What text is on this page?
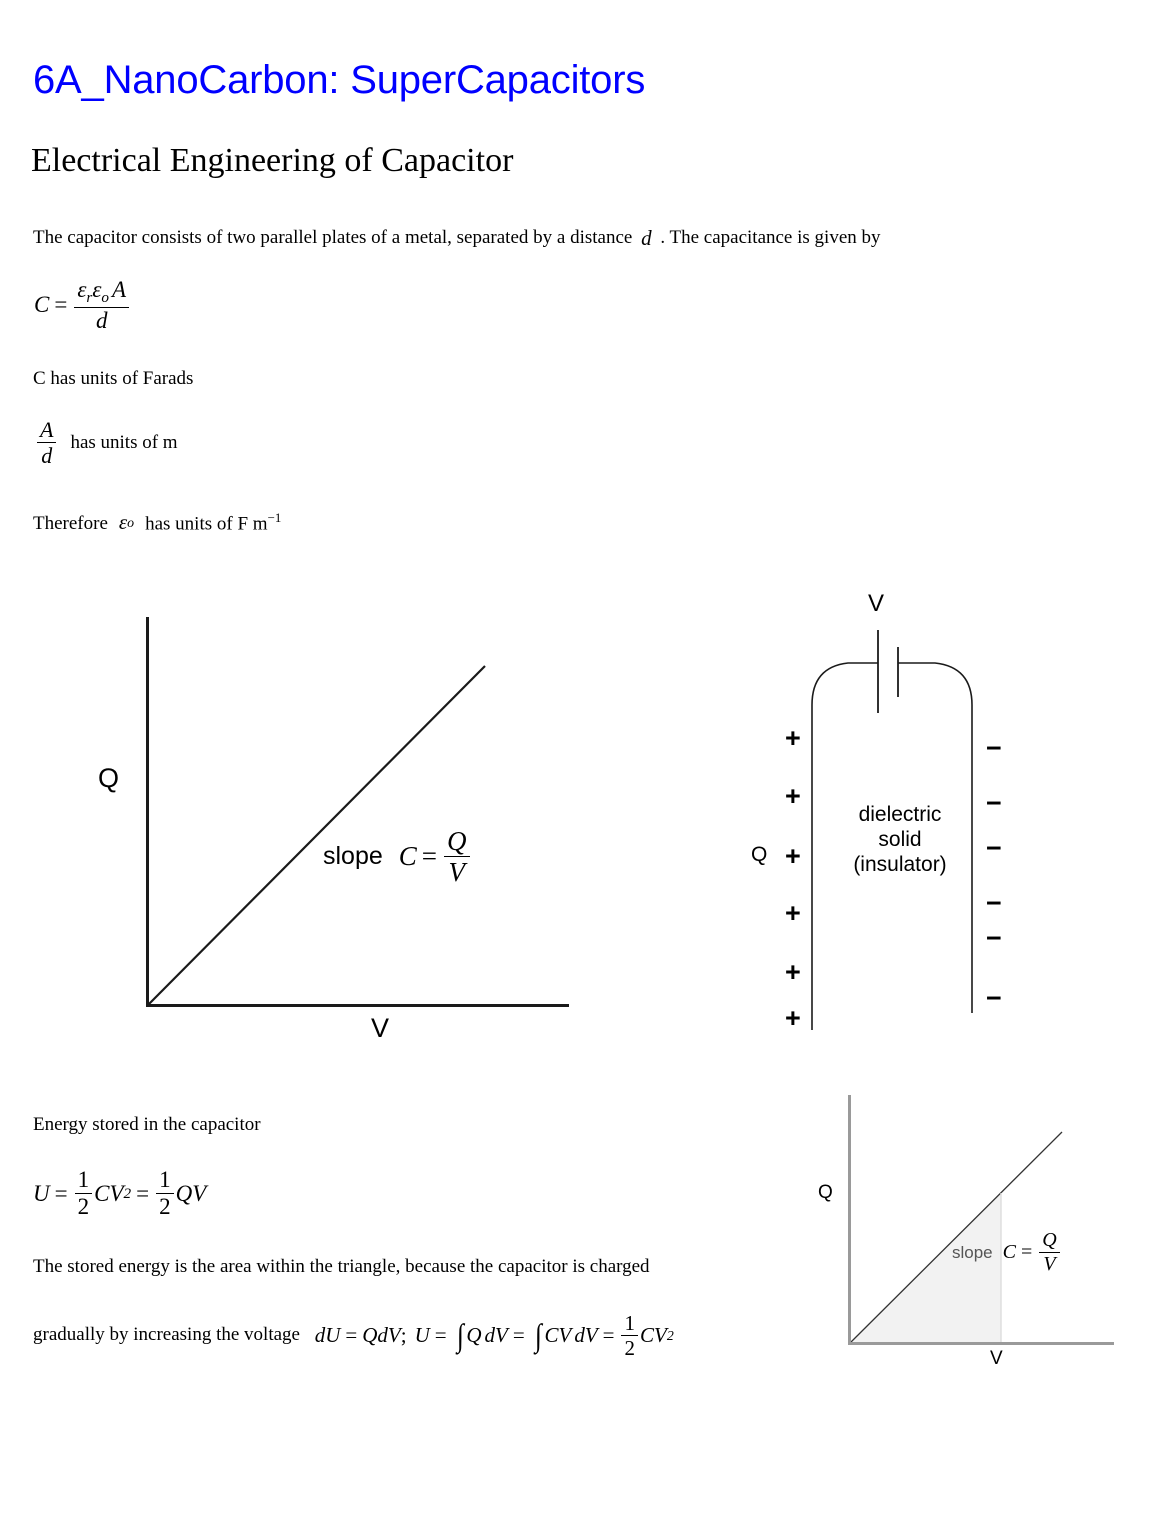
6A_NanoCarbon: SuperCapacitors
Electrical Engineering of Capacitor
The capacitor consists of two parallel plates of a metal, separated by a distance d . The capacitance is given by
$C = \frac{\text{εrεo A}}{d}$
C has units of Farads
$\frac{A}{d}$ has units of m
Therefore ε o has units of F $m^{-1}$
Q
V
slope $C = \frac{Q}{V}$
V
Q
dielectric
solid
(insulator)
+
+
+
+
+
+
−
−
−
−
−
−
Energy stored in the capacitor
$U = \frac{1}{2}$ CV $2 = \frac{1}{2}$ QV
The stored energy is the area within the triangle, because the capacitor is charged
gradually by increasing the voltage dU = QdV ; U = ∫ Q dV = ∫ CV dV = $\frac{1}{2}$ CV 2
Q
V
slope $C = \frac{Q}{V}$
